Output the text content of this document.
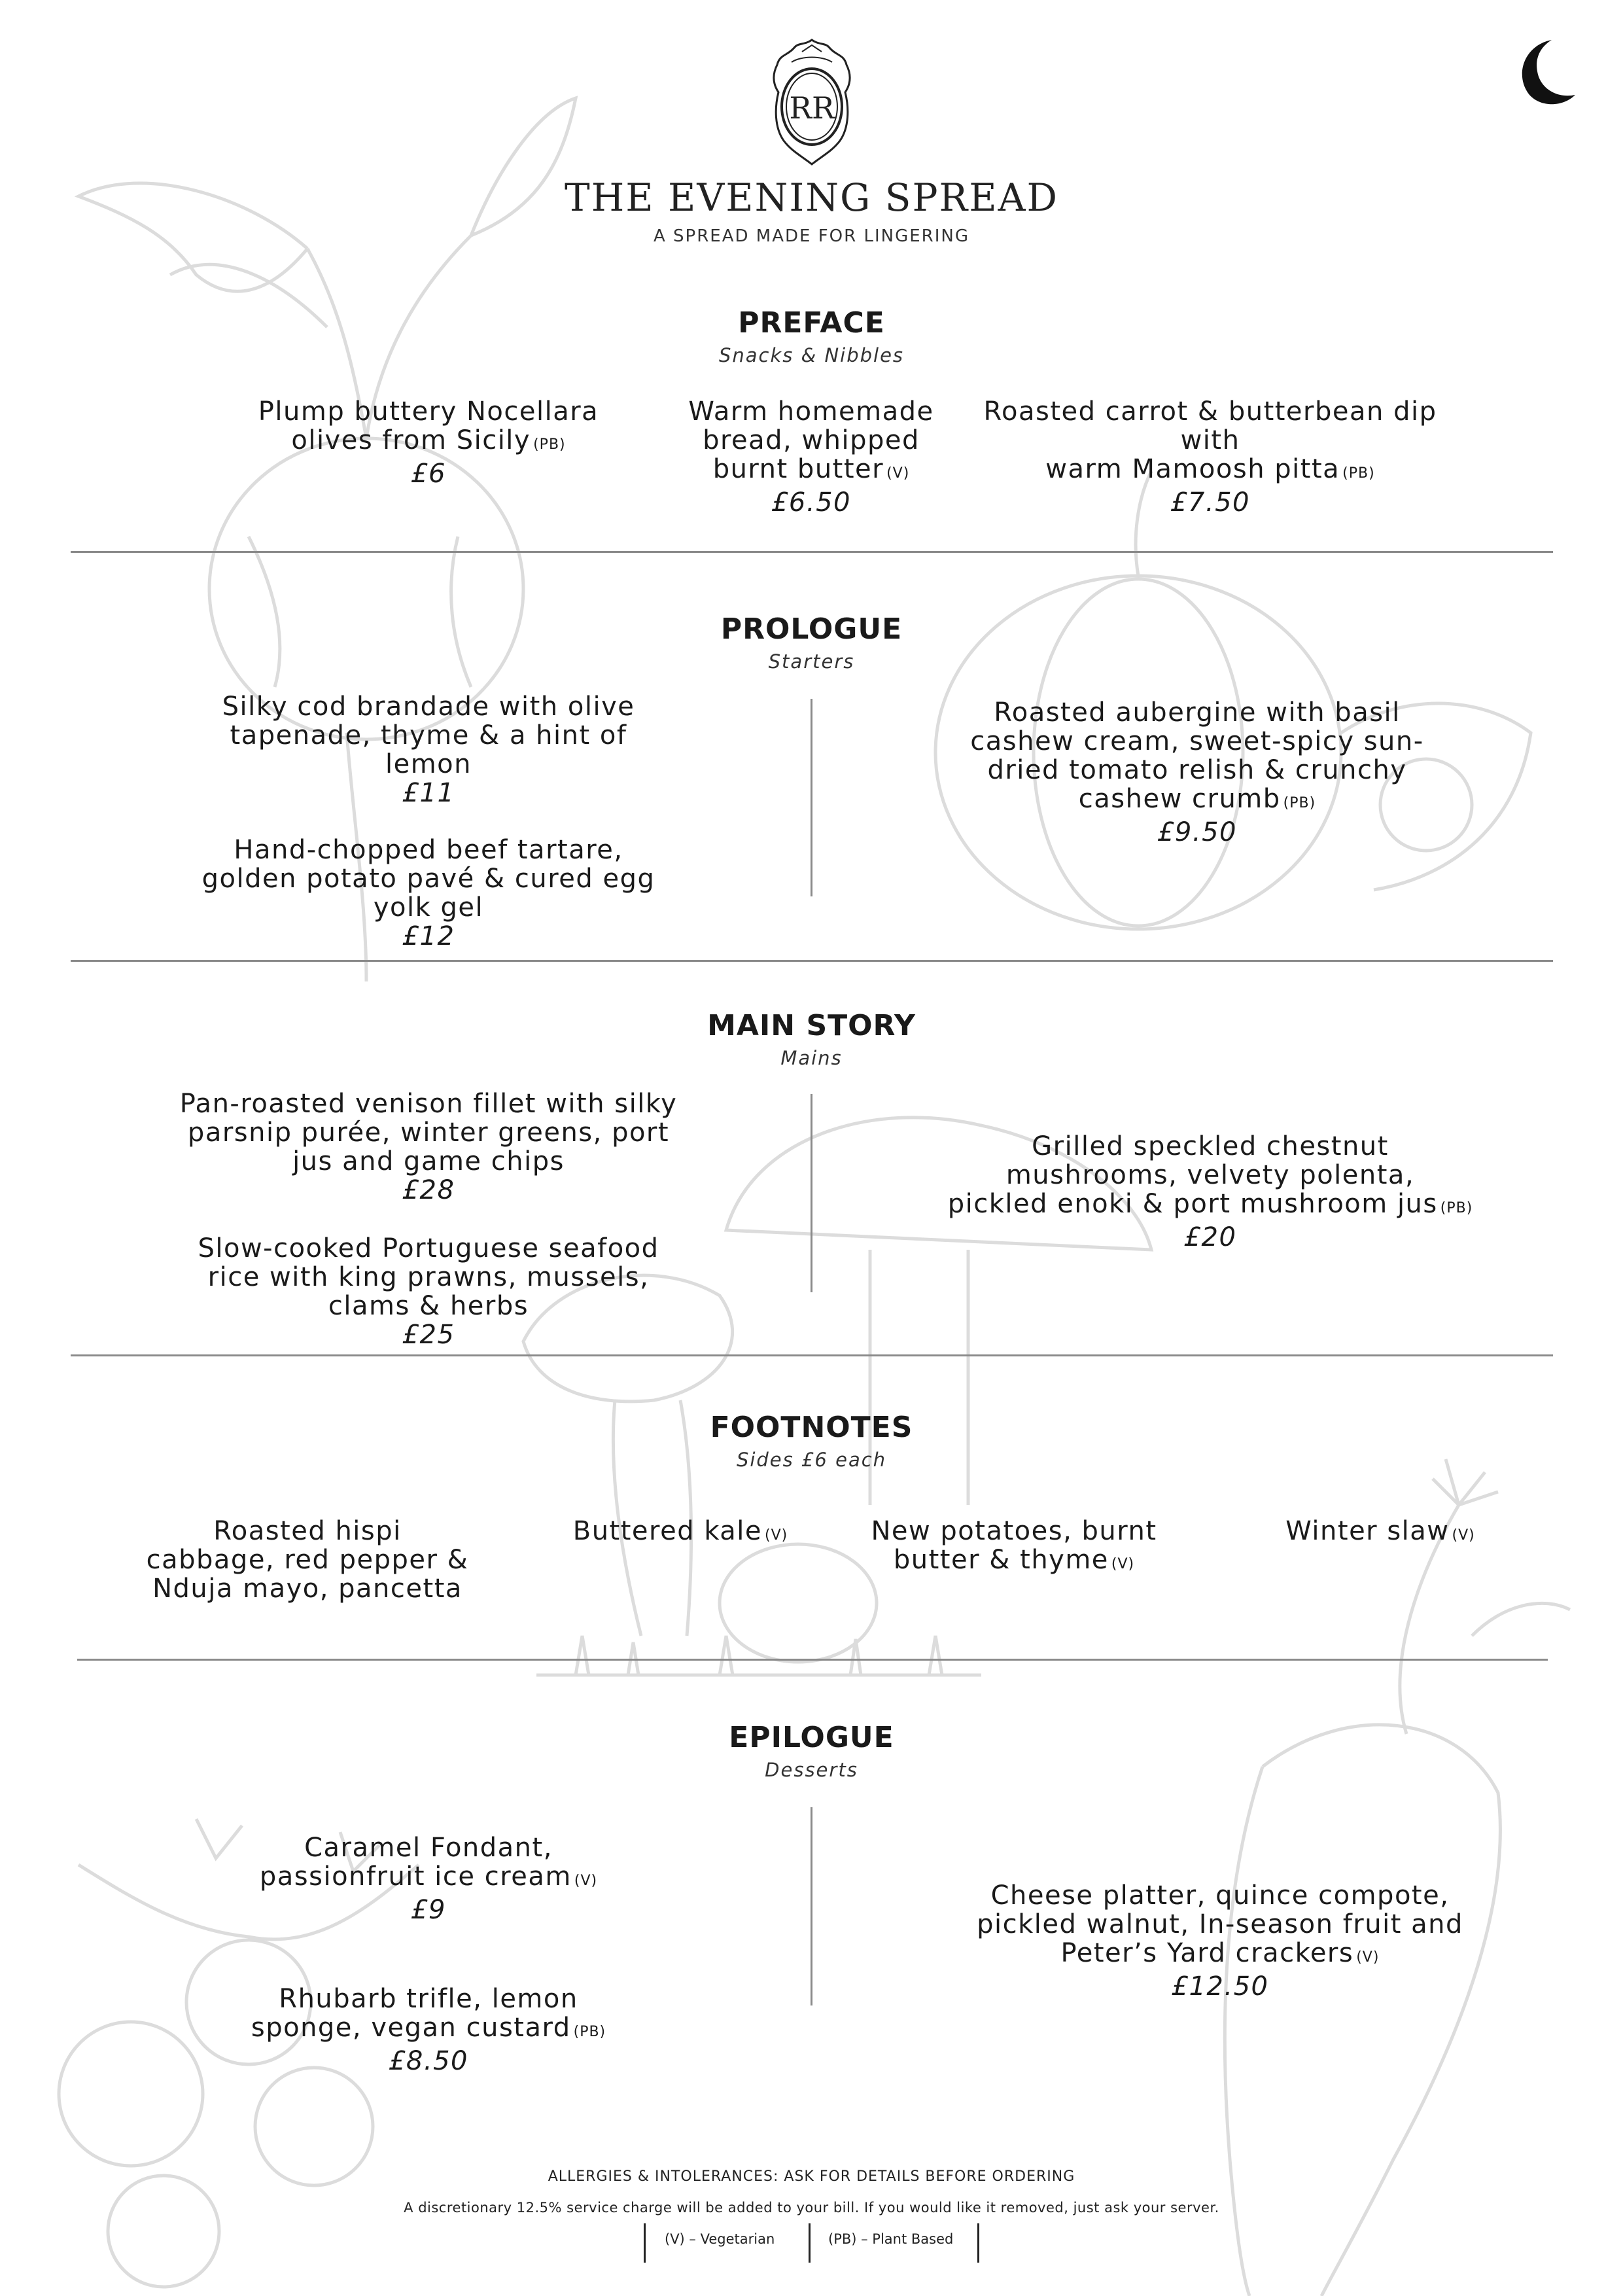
RR
THE EVENING SPREAD
A SPREAD MADE FOR LINGERING
PREFACE
Snacks & Nibbles
Plump buttery Nocellara
olives from Sicily (PB)
£6
Warm homemade
bread, whipped
burnt butter (V)
£6.50
Roasted carrot & butterbean dip with
warm Mamoosh pitta (PB)
£7.50
PROLOGUE
Starters
Silky cod brandade with olive
tapenade, thyme & a hint of
lemon
£11
Hand-chopped beef tartare,
golden potato pavé & cured egg
yolk gel
£12
Roasted aubergine with basil
cashew cream, sweet-spicy sun-
dried tomato relish & crunchy
cashew crumb (PB)
£9.50
MAIN STORY
Mains
Pan-roasted venison fillet with silky
parsnip purée, winter greens, port
jus and game chips
£28
Slow-cooked Portuguese seafood
rice with king prawns, mussels,
clams & herbs
£25
Grilled speckled chestnut
mushrooms, velvety polenta,
pickled enoki & port mushroom jus (PB)
£20
FOOTNOTES
Sides £6 each
Roasted hispi
cabbage, red pepper &
Nduja mayo, pancetta
Buttered kale (V)	New potatoes, burnt
butter & thyme (V)
Winter slaw (V)
EPILOGUE
Desserts
Caramel Fondant,
passionfruit ice cream (V)
£9
Rhubarb trifle, lemon
sponge, vegan custard (PB)
£8.50
Cheese platter, quince compote,
pickled walnut, In-season fruit and
Peter’s Yard crackers (V)
£12.50
ALLERGIES & INTOLERANCES: ASK FOR DETAILS BEFORE ORDERING
A discretionary 12.5% service charge will be added to your bill. If you would like it removed, just ask your server.
(V) – Vegetarian	(PB) – Plant Based
